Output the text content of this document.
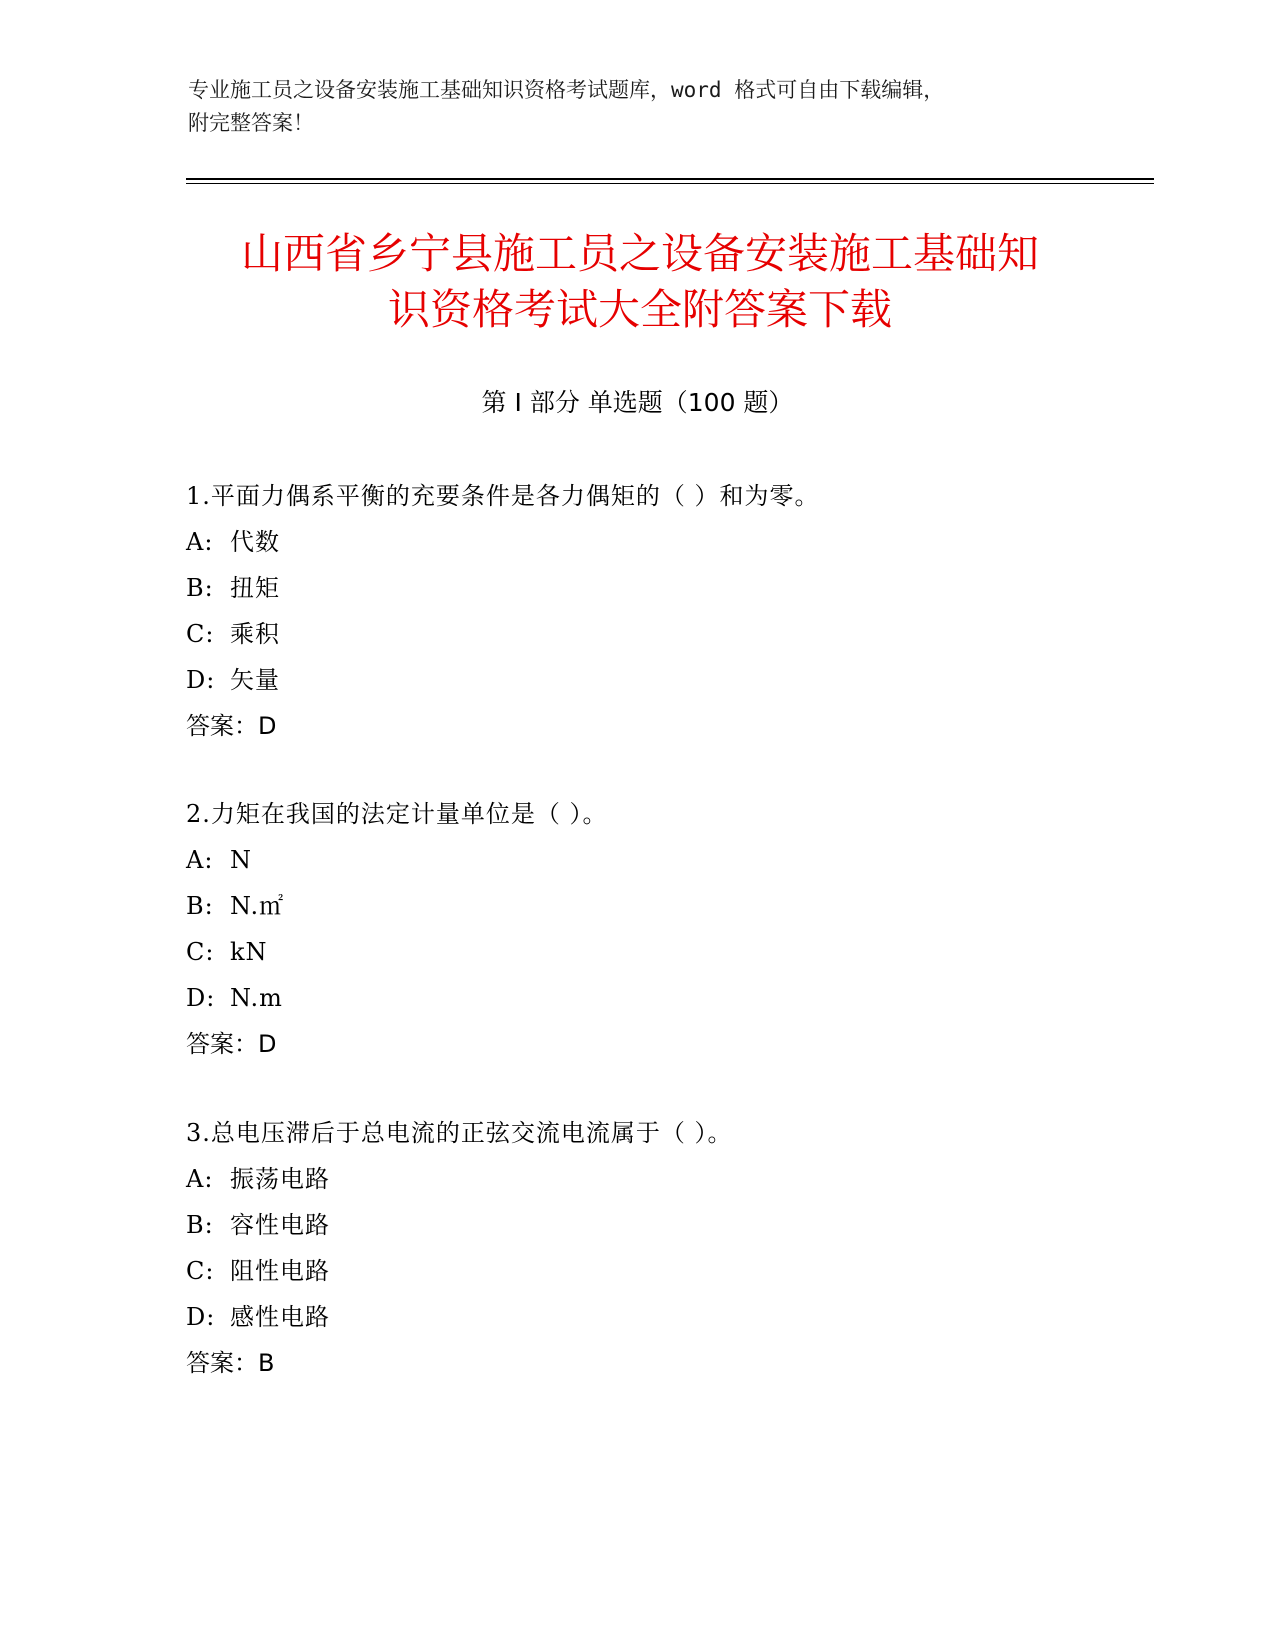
专业施工员之设备安装施工基础知识资格考试题库，word 格式可自由下载编辑，
附完整答案！
山西省乡宁县施工员之设备安装施工基础知
识资格考试大全附答案下载
第 I 部分 单选题（100 题）
1.平面力偶系平衡的充要条件是各力偶矩的（ ）和为零。
A: 代数
B: 扭矩
C: 乘积
D: 矢量
答案：D
2.力矩在我国的法定计量单位是（ ）。
A: N
B: N.㎡
C: kN
D: N.m
答案：D
3.总电压滞后于总电流的正弦交流电流属于（ ）。
A: 振荡电路
B: 容性电路
C: 阻性电路
D: 感性电路
答案：B
